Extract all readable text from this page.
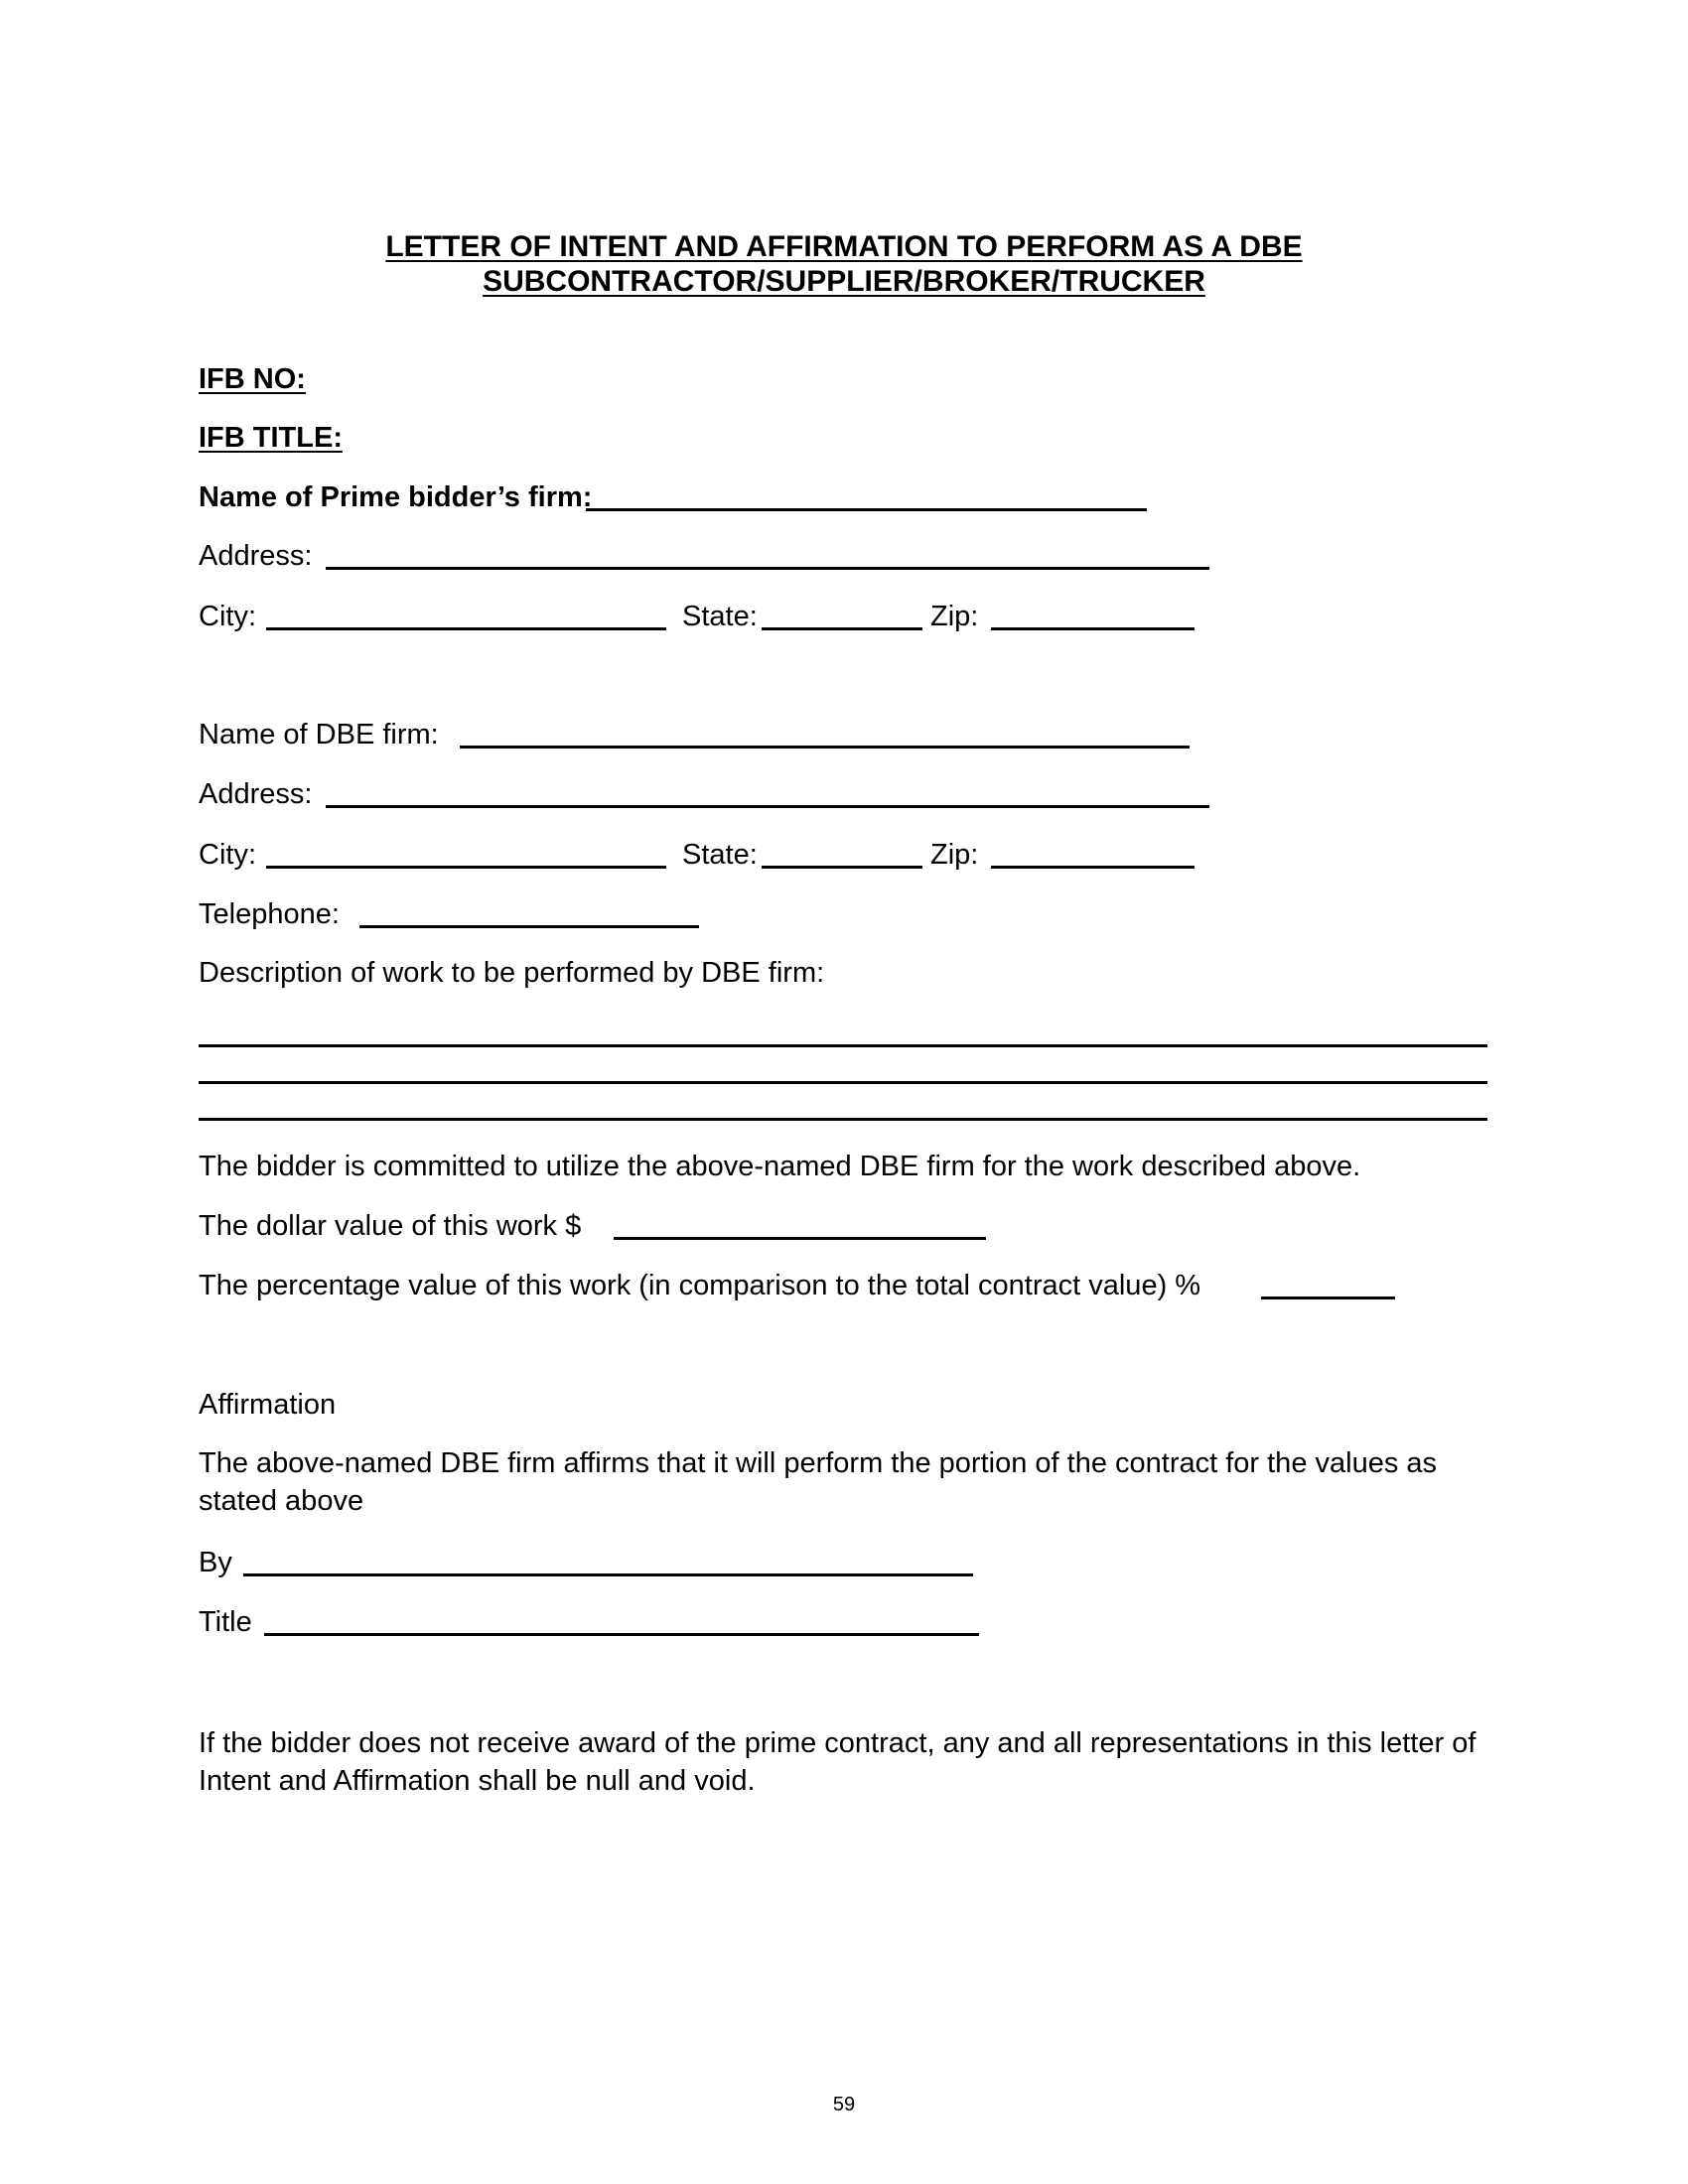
LETTER OF INTENT AND AFFIRMATION TO PERFORM AS A DBE
SUBCONTRACTOR/SUPPLIER/BROKER/TRUCKER
IFB NO:
IFB TITLE:
Name of Prime bidder’s firm:
Address:
City:	State:	Zip:
Name of DBE firm:
Address:
City:	State:	Zip:
Telephone:
Description of work to be performed by DBE firm:
The bidder is committed to utilize the above-named DBE firm for the work described above.
The dollar value of this work $
The percentage value of this work (in comparison to the total contract value) %
Affirmation
The above-named DBE firm affirms that it will perform the portion of the contract for the values as stated above
By
Title
If the bidder does not receive award of the prime contract, any and all representations in this letter of Intent and Affirmation shall be null and void.
59
